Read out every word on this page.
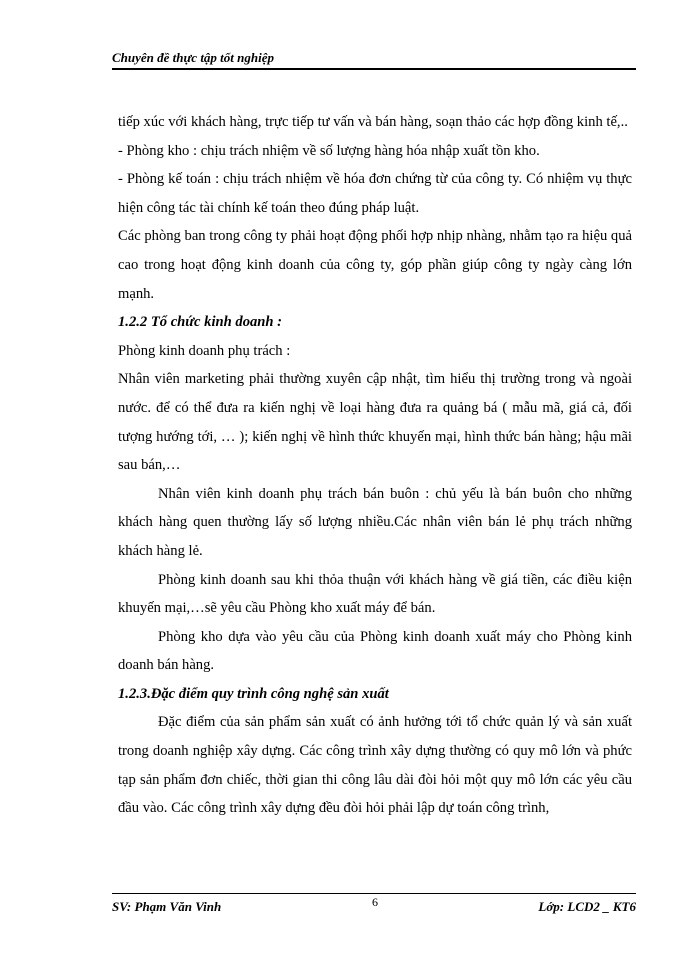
Chuyên đề thực tập tốt nghiệp

tiếp xúc với khách hàng, trực tiếp tư vấn và bán hàng, soạn thảo các hợp đồng kinh tế,..

- Phòng kho : chịu trách nhiệm về số lượng hàng hóa nhập xuất tồn kho.

- Phòng kế toán : chịu trách nhiệm về hóa đơn chứng từ của công ty. Có nhiệm vụ thực hiện công tác tài chính kế toán theo đúng pháp luật.

Các phòng ban trong công ty phải hoạt động phối hợp nhịp nhàng, nhằm tạo ra hiệu quả cao trong hoạt động kinh doanh của công ty, góp phần giúp công ty ngày càng lớn mạnh.

1.2.2 Tổ chức kinh doanh :

Phòng kinh doanh phụ trách :

Nhân viên marketing phải thường xuyên cập nhật, tìm hiểu thị trường trong và ngoài nước. để có thể đưa ra kiến nghị về loại hàng đưa ra quảng bá ( mẫu mã, giá cả, đối tượng hướng tới, … ); kiến nghị về hình thức khuyến mại, hình thức bán hàng; hậu mãi sau bán,…

Nhân viên kinh doanh phụ trách bán buôn : chủ yếu là bán buôn cho những khách hàng quen thường lấy số lượng nhiều.Các nhân viên bán lẻ phụ trách những khách hàng lẻ.

Phòng kinh doanh sau khi thỏa thuận với khách hàng về giá tiền, các điều kiện khuyến mại,…sẽ yêu cầu Phòng kho xuất máy để bán.

Phòng kho dựa vào yêu cầu của Phòng kinh doanh xuất máy cho Phòng kinh doanh bán hàng.

1.2.3.Đặc điểm quy trình công nghệ sản xuất

Đặc điểm của sản phẩm sản xuất có ảnh hưởng tới tổ chức quản lý và sản xuất trong doanh nghiệp xây dựng. Các công trình xây dựng thường có quy mô lớn và phức tạp sản phẩm đơn chiếc, thời gian thi công lâu dài đòi hỏi một quy mô lớn các yêu cầu đầu vào. Các công trình xây dựng đều đòi hỏi phải lập dự toán công trình,

SV: Phạm Văn Vinh	6	Lớp: LCD2 _ KT6
